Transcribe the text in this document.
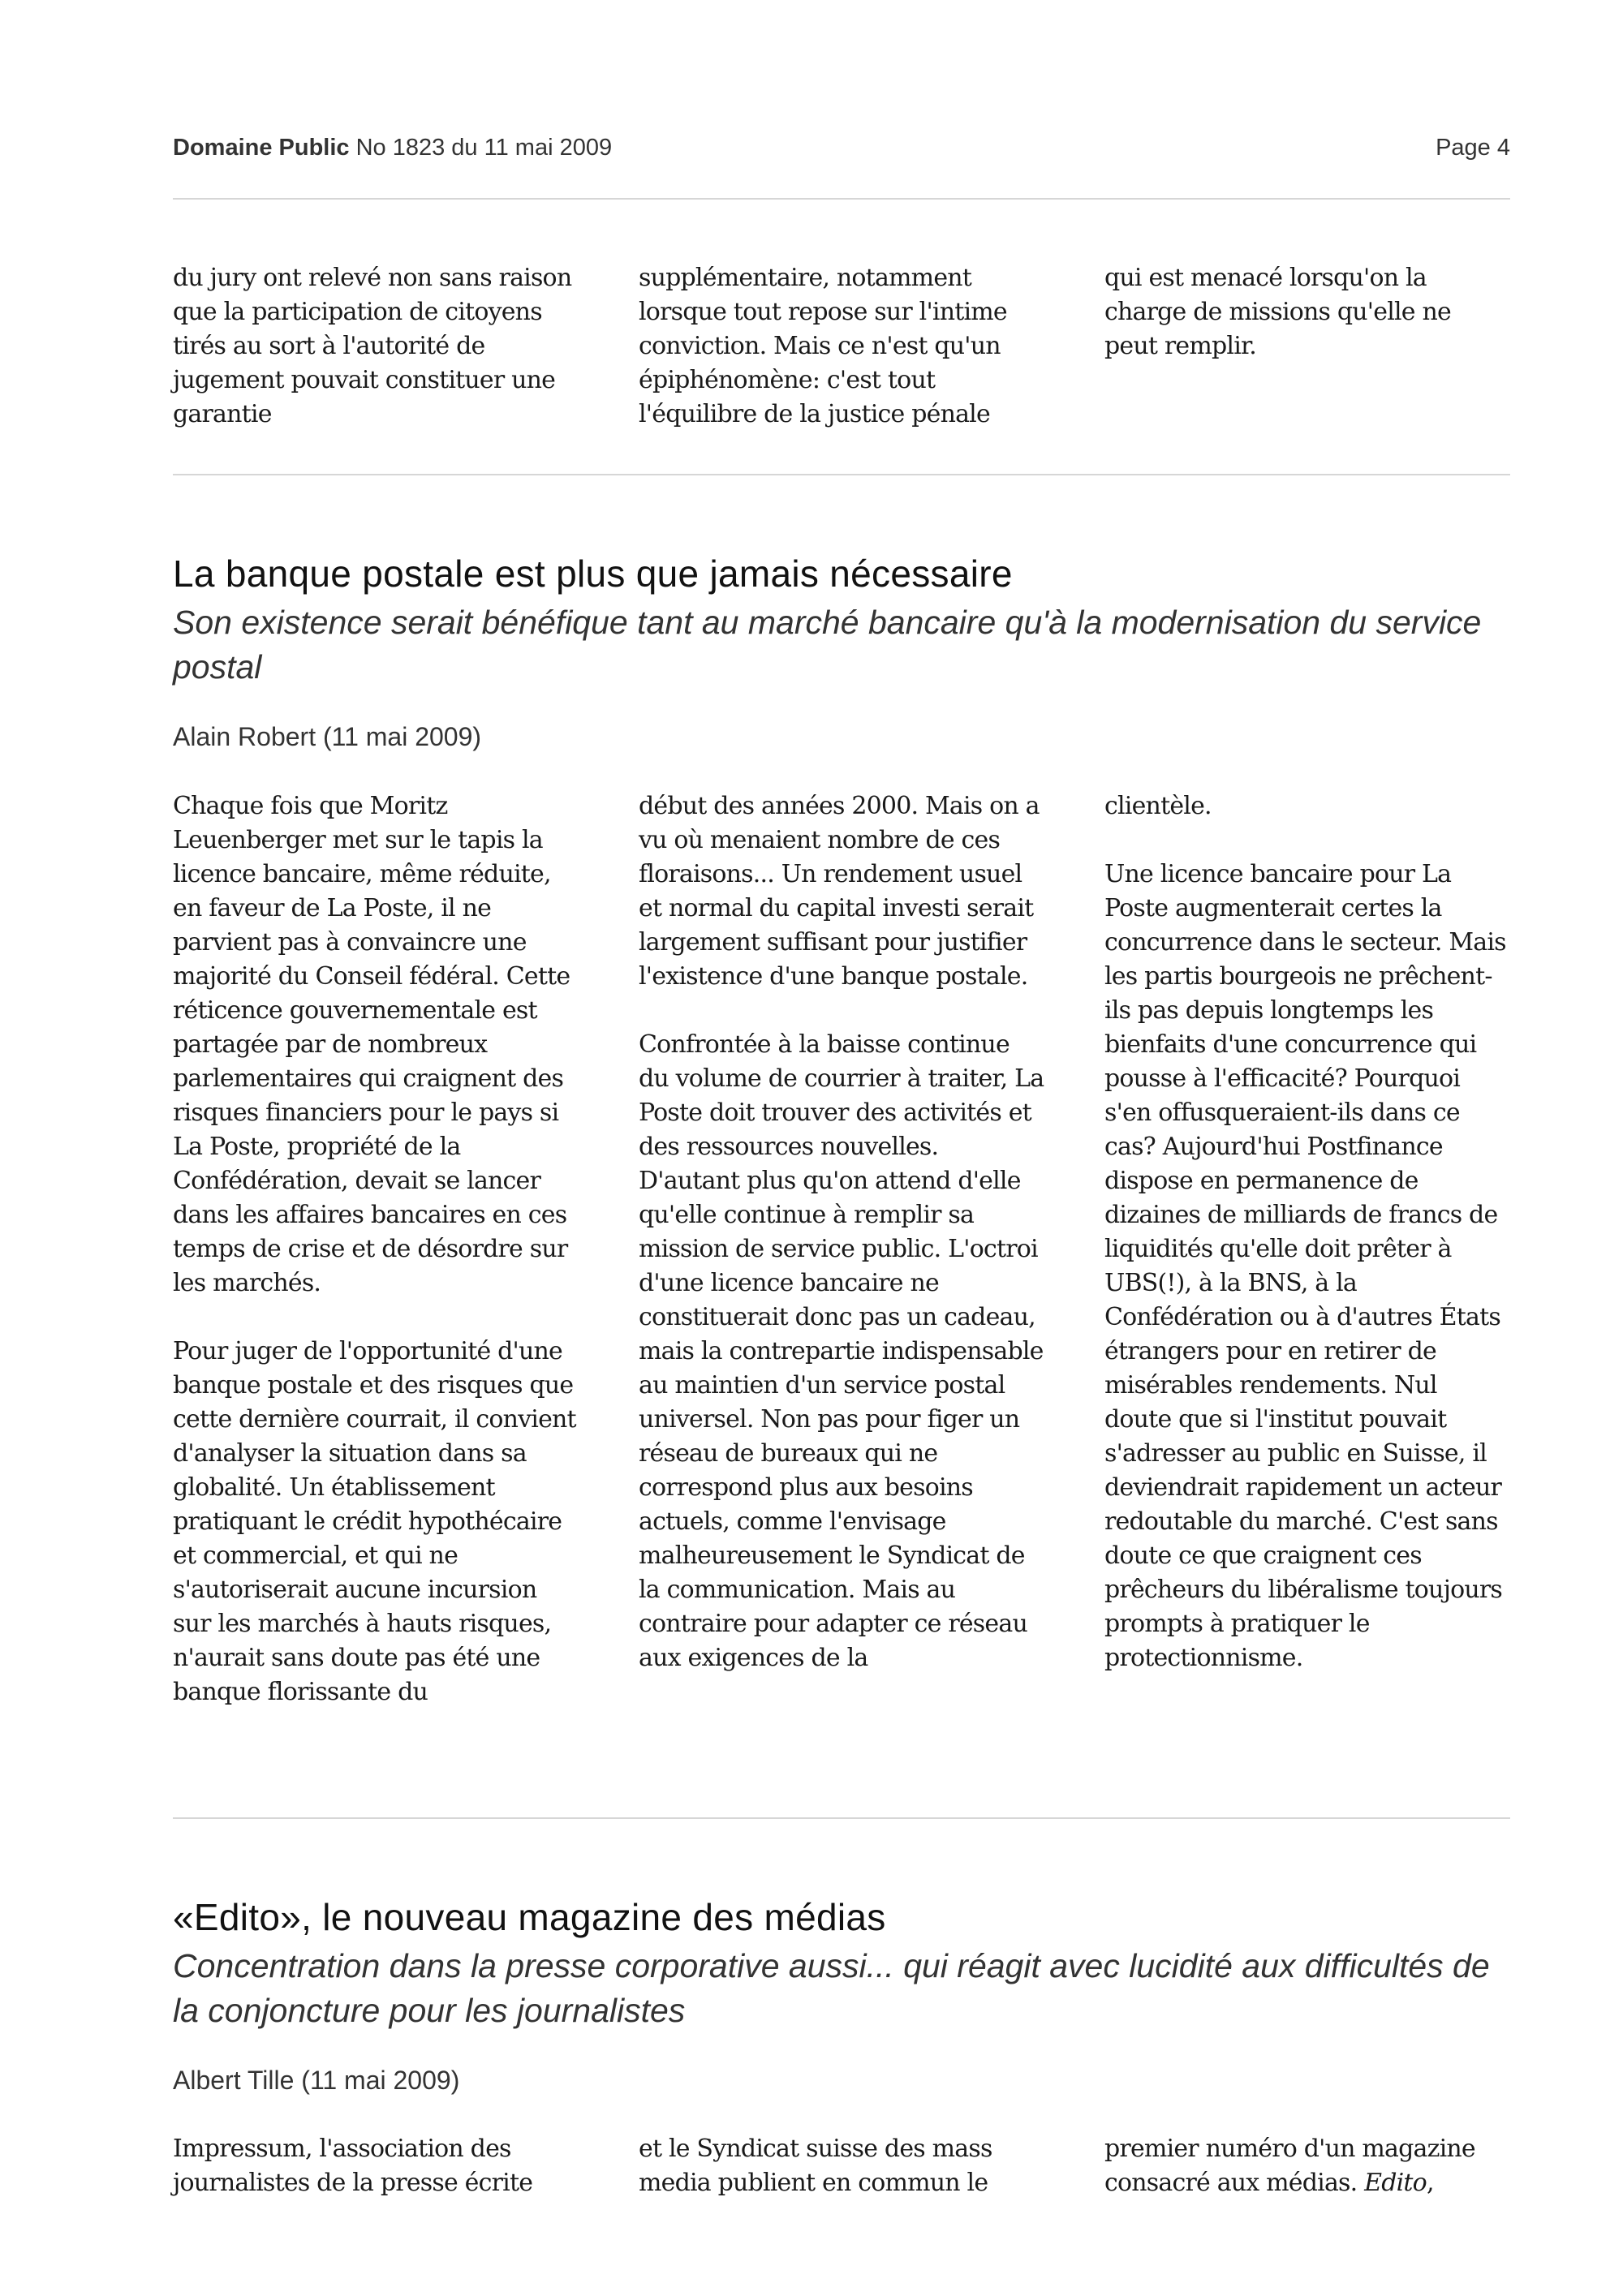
Domaine Public No 1823 du 11 mai 2009	Page 4

du jury ont relevé non sans raison que la participation de citoyens tirés au sort à l'autorité de jugement pouvait constituer une garantie

supplémentaire, notamment lorsque tout repose sur l'intime conviction. Mais ce n'est qu'un épiphénomène: c'est tout l'équilibre de la justice pénale

qui est menacé lorsqu'on la charge de missions qu'elle ne peut remplir.

La banque postale est plus que jamais nécessaire
Son existence serait bénéfique tant au marché bancaire qu'à la modernisation du service postal
Alain Robert (11 mai 2009)

Chaque fois que Moritz Leuenberger met sur le tapis la licence bancaire, même réduite, en faveur de La Poste, il ne parvient pas à convaincre une majorité du Conseil fédéral. Cette réticence gouvernementale est partagée par de nombreux parlementaires qui craignent des risques financiers pour le pays si La Poste, propriété de la Confédération, devait se lancer dans les affaires bancaires en ces temps de crise et de désordre sur les marchés.

Pour juger de l'opportunité d'une banque postale et des risques que cette dernière courrait, il convient d'analyser la situation dans sa globalité. Un établissement pratiquant le crédit hypothécaire et commercial, et qui ne s'autoriserait aucune incursion sur les marchés à hauts risques, n'aurait sans doute pas été une banque florissante du

début des années 2000. Mais on a vu où menaient nombre de ces floraisons... Un rendement usuel et normal du capital investi serait largement suffisant pour justifier l'existence d'une banque postale.

Confrontée à la baisse continue du volume de courrier à traiter, La Poste doit trouver des activités et des ressources nouvelles. D'autant plus qu'on attend d'elle qu'elle continue à remplir sa mission de service public. L'octroi d'une licence bancaire ne constituerait donc pas un cadeau, mais la contrepartie indispensable au maintien d'un service postal universel. Non pas pour figer un réseau de bureaux qui ne correspond plus aux besoins actuels, comme l'envisage malheureusement le Syndicat de la communication. Mais au contraire pour adapter ce réseau aux exigences de la

clientèle.

Une licence bancaire pour La Poste augmenterait certes la concurrence dans le secteur. Mais les partis bourgeois ne prêchent-ils pas depuis longtemps les bienfaits d'une concurrence qui pousse à l'efficacité? Pourquoi s'en offusqueraient-ils dans ce cas? Aujourd'hui Postfinance dispose en permanence de dizaines de milliards de francs de liquidités qu'elle doit prêter à UBS(!), à la BNS, à la Confédération ou à d'autres États étrangers pour en retirer de misérables rendements. Nul doute que si l'institut pouvait s'adresser au public en Suisse, il deviendrait rapidement un acteur redoutable du marché. C'est sans doute ce que craignent ces prêcheurs du libéralisme toujours prompts à pratiquer le protectionnisme.

«Edito», le nouveau magazine des médias
Concentration dans la presse corporative aussi... qui réagit avec lucidité aux difficultés de la conjoncture pour les journalistes
Albert Tille (11 mai 2009)

Impressum, l'association des journalistes de la presse écrite

et le Syndicat suisse des mass media publient en commun le

premier numéro d'un magazine consacré aux médias. Edito,
